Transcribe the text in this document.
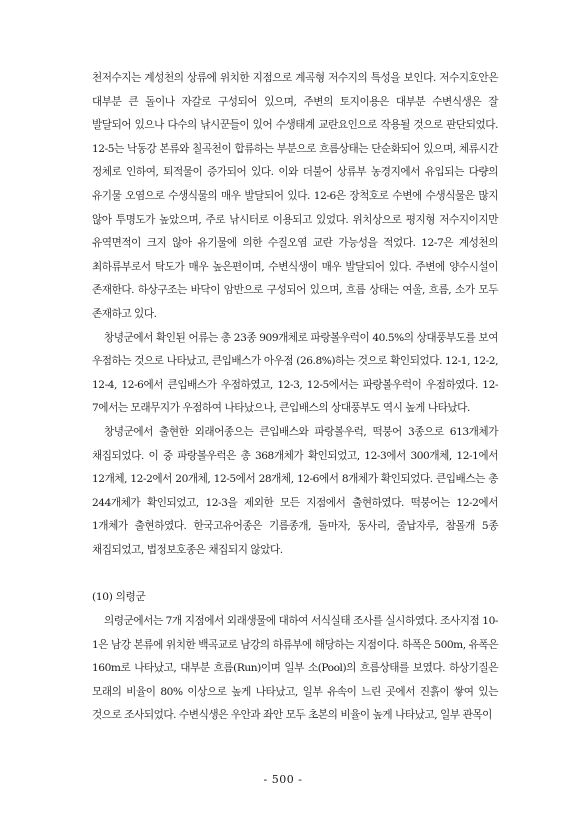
천저수지는 계성천의 상류에 위치한 지점으로 계곡형 저수지의 특성을 보인다. 저수지호안은 대부분 큰 돌이나 자갈로 구성되어 있으며, 주변의 토지이용은 대부분 수변식생은 잘 발달되어 있으나 다수의 낚시꾼들이 있어 수생태계 교란요인으로 작용될 것으로 판단되었다. 12-5는 낙동강 본류와 칠곡천이 합류하는 부분으로 흐름상태는 단순화되어 있으며, 체류시간 정체로 인하여, 퇴적물이 증가되어 있다. 이와 더불어 상류부 농경지에서 유입되는 다량의 유기물 오염으로 수생식물의 매우 발달되어 있다. 12-6은 장척호로 수변에 수생식물은 많지 않아 투명도가 높았으며, 주로 낚시터로 이용되고 있었다. 위치상으로 평지형 저수지이지만 유역면적이 크지 않아 유기물에 의한 수질오염 교란 가능성을 적었다. 12-7은 계성천의 최하류부로서 탁도가 매우 높은편이며, 수변식생이 매우 발달되어 있다. 주변에 양수시설이 존재한다. 하상구조는 바닥이 암반으로 구성되어 있으며, 흐름 상태는 여울, 흐름, 소가 모두 존재하고 있다.

창녕군에서 확인된 어류는 총 23종 909개체로 파랑볼우럭이 40.5%의 상대풍부도를 보여 우점하는 것으로 나타났고, 큰입배스가 아우점 (26.8%)하는 것으로 확인되었다. 12-1, 12-2, 12-4, 12-6에서 큰입배스가 우점하였고, 12-3, 12-5에서는 파랑볼우럭이 우점하였다. 12-7에서는 모래무지가 우점하여 나타났으나, 큰입배스의 상대풍부도 역시 높게 나타났다.

창녕군에서 출현한 외래어종으는 큰입배스와 파랑볼우럭, 떡붕어 3종으로 613개체가 채집되었다. 이 중 파랑볼우럭은 총 368개체가 확인되었고, 12-3에서 300개체, 12-1에서 12개체, 12-2에서 20개체, 12-5에서 28개체, 12-6에서 8개체가 확인되었다. 큰입배스는 총 244개체가 확인되었고, 12-3을 제외한 모든 지점에서 출현하였다. 떡붕어는 12-2에서 1개체가 출현하였다. 한국고유어종은 기름종개, 돌마자, 동사리, 줄납자루, 참몰개 5종 채집되었고, 법정보호종은 채집되지 않았다.

(10) 의령군

의령군에서는 7개 지점에서 외래생물에 대하여 서식실태 조사를 실시하였다. 조사지점 10-1은 남강 본류에 위치한 백곡교로 남강의 하류부에 해당하는 지점이다. 하폭은 500m, 유폭은 160m로 나타났고, 대부분 흐름(Run)이며 일부 소(Pool)의 흐름상태를 보였다. 하상기질은 모래의 비율이 80% 이상으로 높게 나타났고, 일부 유속이 느린 곳에서 진흙이 쌓여 있는 것으로 조사되었다. 수변식생은 우안과 좌안 모두 초본의 비율이 높게 나타났고, 일부 관목이

- 500 -
